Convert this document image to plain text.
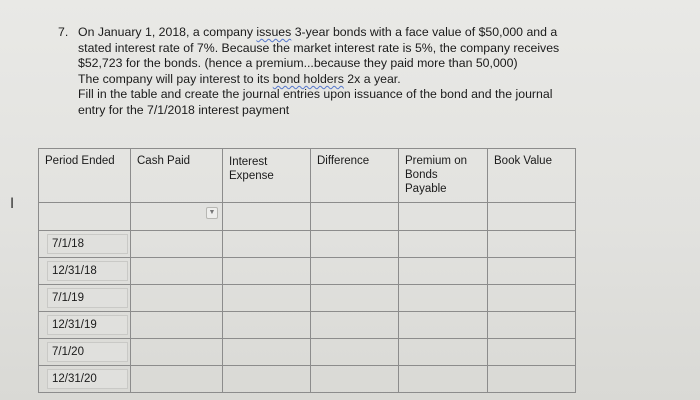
7. On January 1, 2018, a company issues 3-year bonds with a face value of $50,000 and a
stated interest rate of 7%. Because the market interest rate is 5%, the company receives
$52,723 for the bonds. (hence a premium...because they paid more than 50,000)
The company will pay interest to its bond holders 2x a year.
Fill in the table and create the journal entries upon issuance of the bond and the journal
entry for the 7/1/2018 interest payment
I
Period Ended	Cash Paid	Interest Expense	Difference	Premium on Bonds Payable	Book Value

	▼				

7/1/18					

12/31/18					

7/1/19					

12/31/19					

7/1/20					

12/31/20					
